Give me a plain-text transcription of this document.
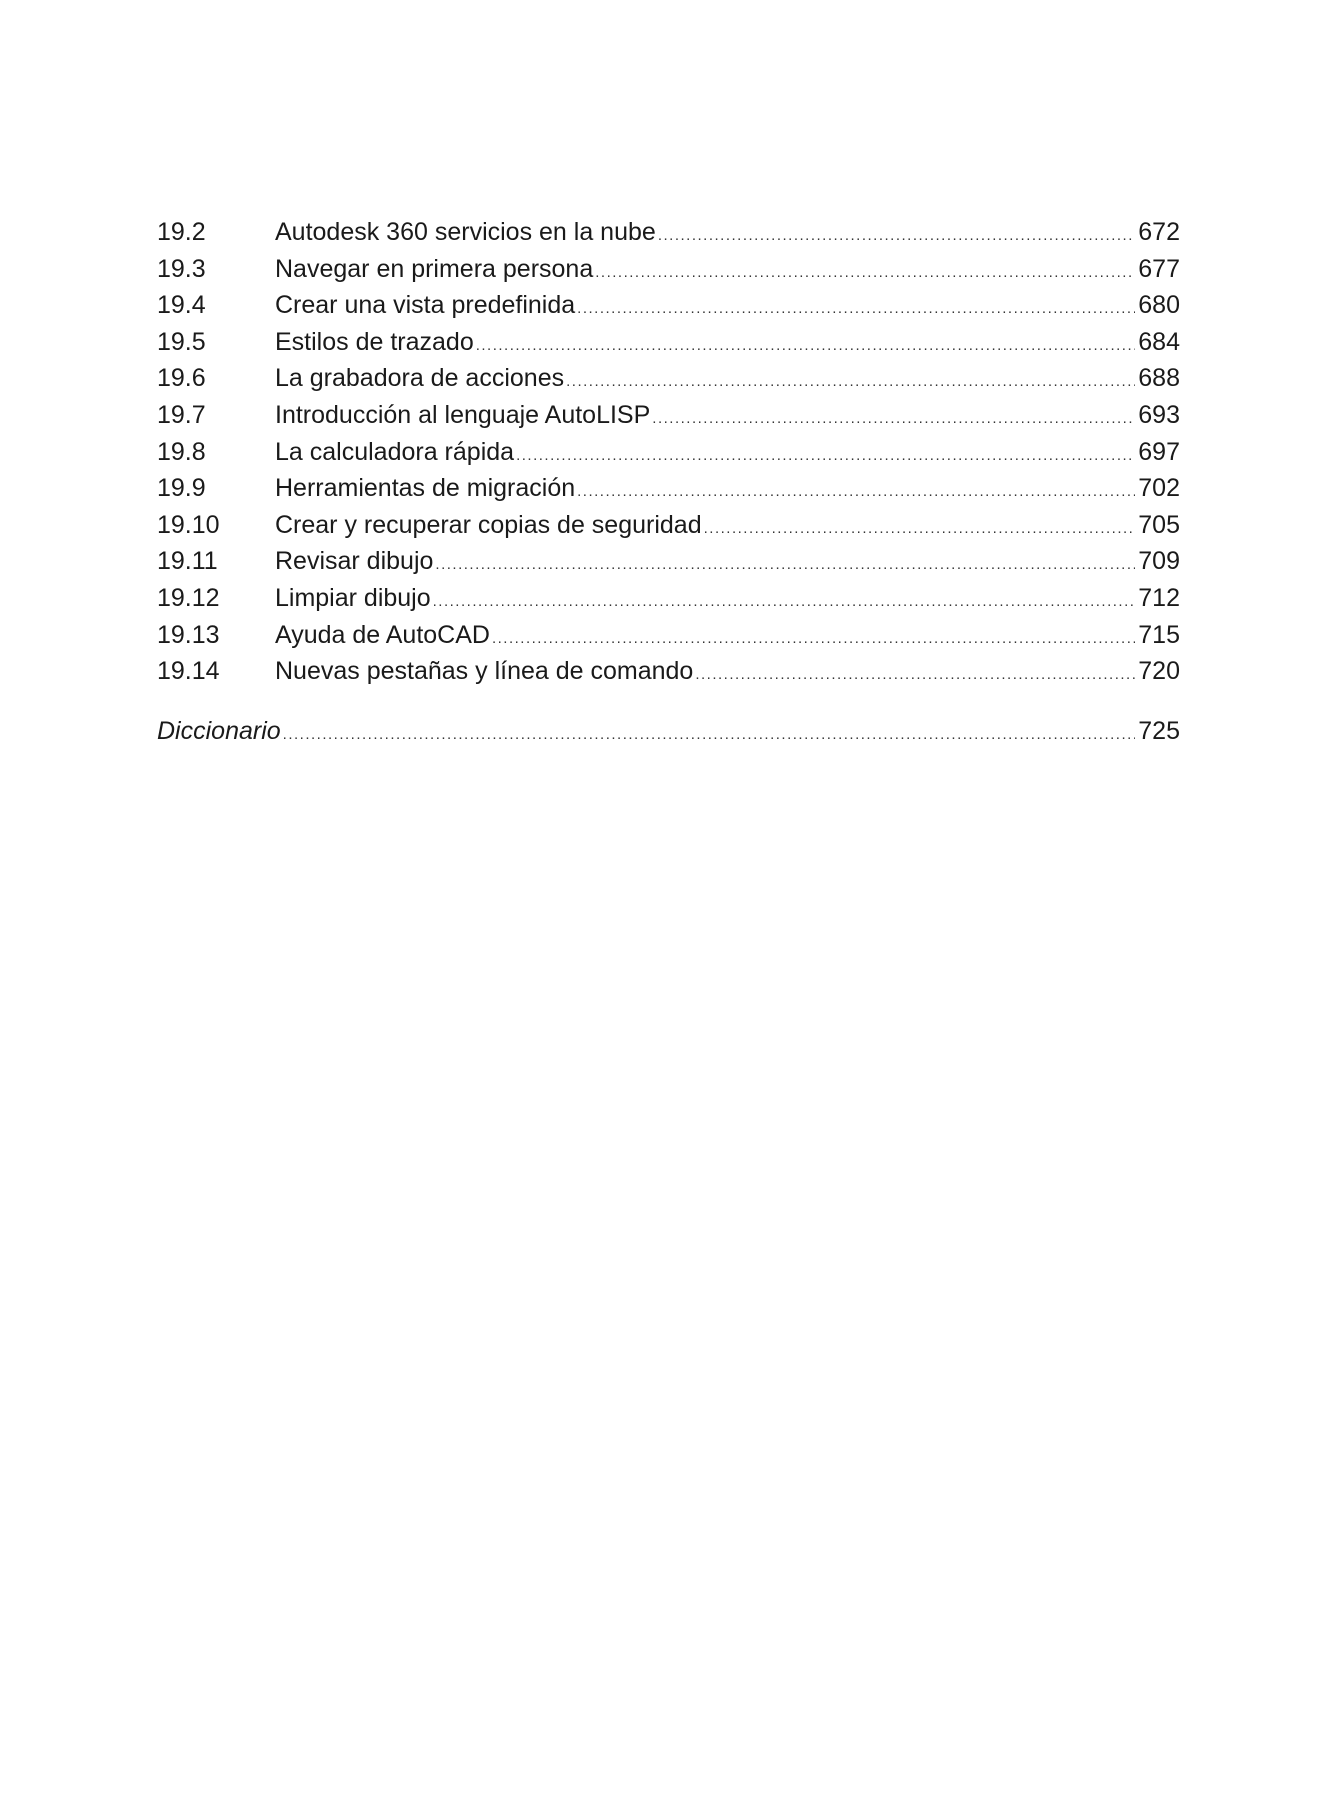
19.2	Autodesk 360 servicios en la nube .....	672
19.3	Navegar en primera persona .....	677
19.4	Crear una vista predefinida .....	680
19.5	Estilos de trazado .....	684
19.6	La grabadora de acciones .....	688
19.7	Introducción al lenguaje AutoLISP .....	693
19.8	La calculadora rápida .....	697
19.9	Herramientas de migración .....	702
19.10	Crear y recuperar copias de seguridad .....	705
19.11	Revisar dibujo .....	709
19.12	Limpiar dibujo .....	712
19.13	Ayuda de AutoCAD .....	715
19.14	Nuevas pestañas y línea de comando .....	720
Diccionario .....	725
